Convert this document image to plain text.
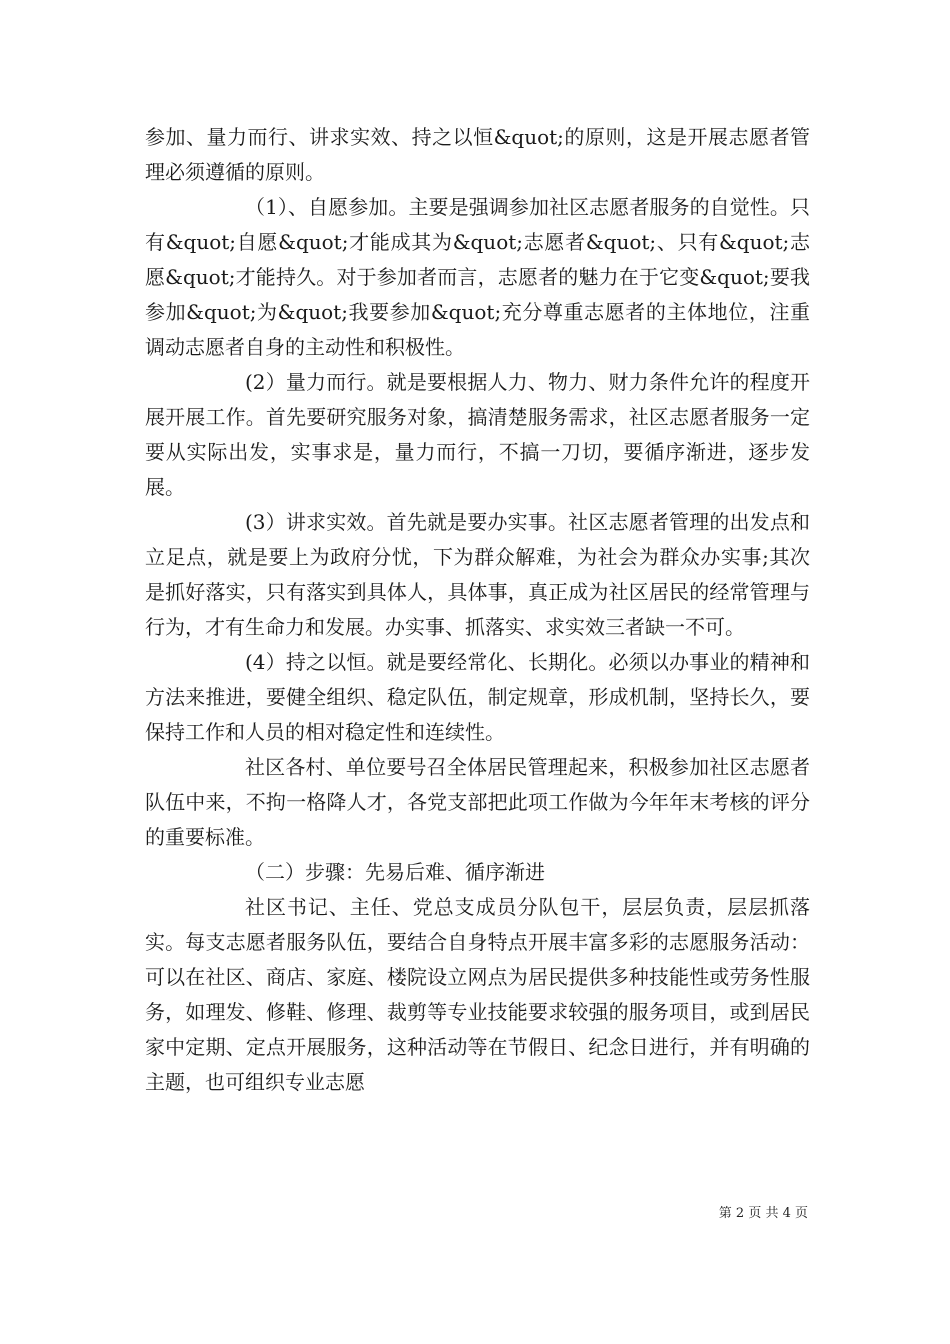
参加、量力而行、讲求实效、持之以恒&quot;的原则，这是开展志愿者管理必须遵循的原则。

（1）、自愿参加。主要是强调参加社区志愿者服务的自觉性。只有&quot;自愿&quot;才能成其为&quot;志愿者&quot;、只有&quot;志愿&quot;才能持久。对于参加者而言，志愿者的魅力在于它变&quot;要我参加&quot;为&quot;我要参加&quot;充分尊重志愿者的主体地位，注重调动志愿者自身的主动性和积极性。

(2）量力而行。就是要根据人力、物力、财力条件允许的程度开展开展工作。首先要研究服务对象，搞清楚服务需求，社区志愿者服务一定要从实际出发，实事求是，量力而行，不搞一刀切，要循序渐进，逐步发展。

(3）讲求实效。首先就是要办实事。社区志愿者管理的出发点和立足点，就是要上为政府分忧，下为群众解难，为社会为群众办实事;其次是抓好落实，只有落实到具体人，具体事，真正成为社区居民的经常管理与行为，才有生命力和发展。办实事、抓落实、求实效三者缺一不可。

(4）持之以恒。就是要经常化、长期化。必须以办事业的精神和方法来推进，要健全组织、稳定队伍，制定规章，形成机制，坚持长久，要保持工作和人员的相对稳定性和连续性。

社区各村、单位要号召全体居民管理起来，积极参加社区志愿者队伍中来，不拘一格降人才，各党支部把此项工作做为今年年末考核的评分的重要标准。

（二）步骤：先易后难、循序渐进

社区书记、主任、党总支成员分队包干，层层负责，层层抓落实。每支志愿者服务队伍，要结合自身特点开展丰富多彩的志愿服务活动：可以在社区、商店、家庭、楼院设立网点为居民提供多种技能性或劳务性服务，如理发、修鞋、修理、裁剪等专业技能要求较强的服务项目，或到居民家中定期、定点开展服务，这种活动等在节假日、纪念日进行，并有明确的主题，也可组织专业志愿

第 2 页 共 4 页
